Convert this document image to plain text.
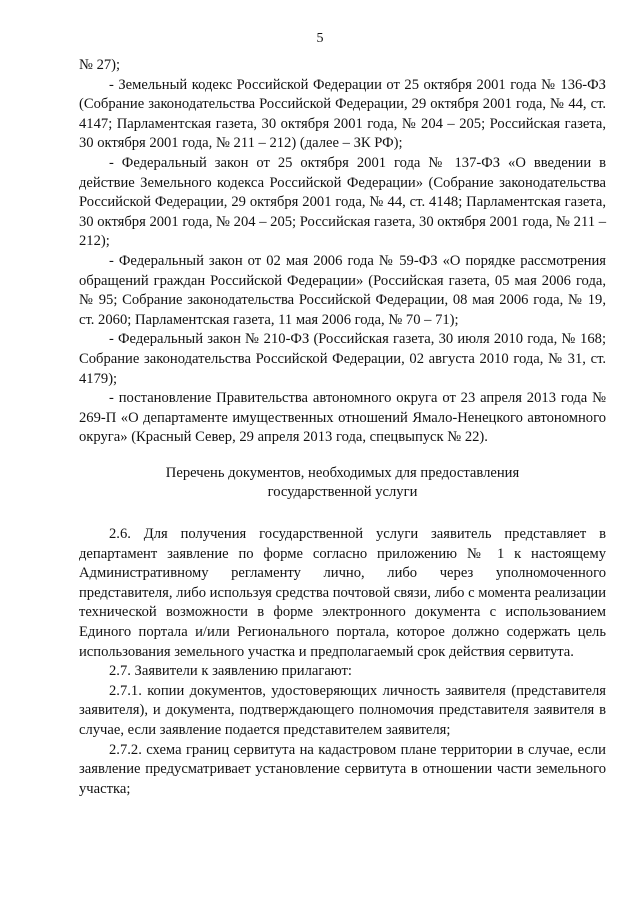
5

№ 27);

- Земельный кодекс Российской Федерации от 25 октября 2001 года № 136-ФЗ (Собрание законодательства Российской Федерации, 29 октября 2001 года, № 44, ст. 4147; Парламентская газета, 30 октября 2001 года, № 204 – 205; Российская газета, 30 октября 2001 года, № 211 – 212) (далее – ЗК РФ);

- Федеральный закон от 25 октября 2001 года № 137-ФЗ «О введении в действие Земельного кодекса Российской Федерации» (Собрание законодательства Российской Федерации, 29 октября 2001 года, № 44, ст. 4148; Парламентская газета, 30 октября 2001 года, № 204 – 205; Российская газета, 30 октября 2001 года, № 211 – 212);

- Федеральный закон от 02 мая 2006 года № 59-ФЗ «О порядке рассмотрения обращений граждан Российской Федерации» (Российская газета, 05 мая 2006 года, № 95; Собрание законодательства Российской Федерации, 08 мая 2006 года, № 19, ст. 2060; Парламентская газета, 11 мая 2006 года, № 70 – 71);

- Федеральный закон № 210-ФЗ (Российская газета, 30 июля 2010 года, № 168; Собрание законодательства Российской Федерации, 02 августа 2010 года, № 31, ст. 4179);

- постановление Правительства автономного округа от 23 апреля 2013 года № 269-П «О департаменте имущественных отношений Ямало-Ненецкого автономного округа» (Красный Север, 29 апреля 2013 года, спецвыпуск № 22).

Перечень документов, необходимых для предоставления
государственной услуги

2.6. Для получения государственной услуги заявитель представляет в департамент заявление по форме согласно приложению № 1 к настоящему Административному регламенту лично, либо через уполномоченного представителя, либо используя средства почтовой связи, либо с момента реализации технической возможности в форме электронного документа с использованием Единого портала и/или Регионального портала, которое должно содержать цель использования земельного участка и предполагаемый срок действия сервитута.

2.7. Заявители к заявлению прилагают:

2.7.1. копии документов, удостоверяющих личность заявителя (представителя заявителя), и документа, подтверждающего полномочия представителя заявителя в случае, если заявление подается представителем заявителя;

2.7.2. схема границ сервитута на кадастровом плане территории в случае, если заявление предусматривает установление сервитута в отношении части земельного участка;
